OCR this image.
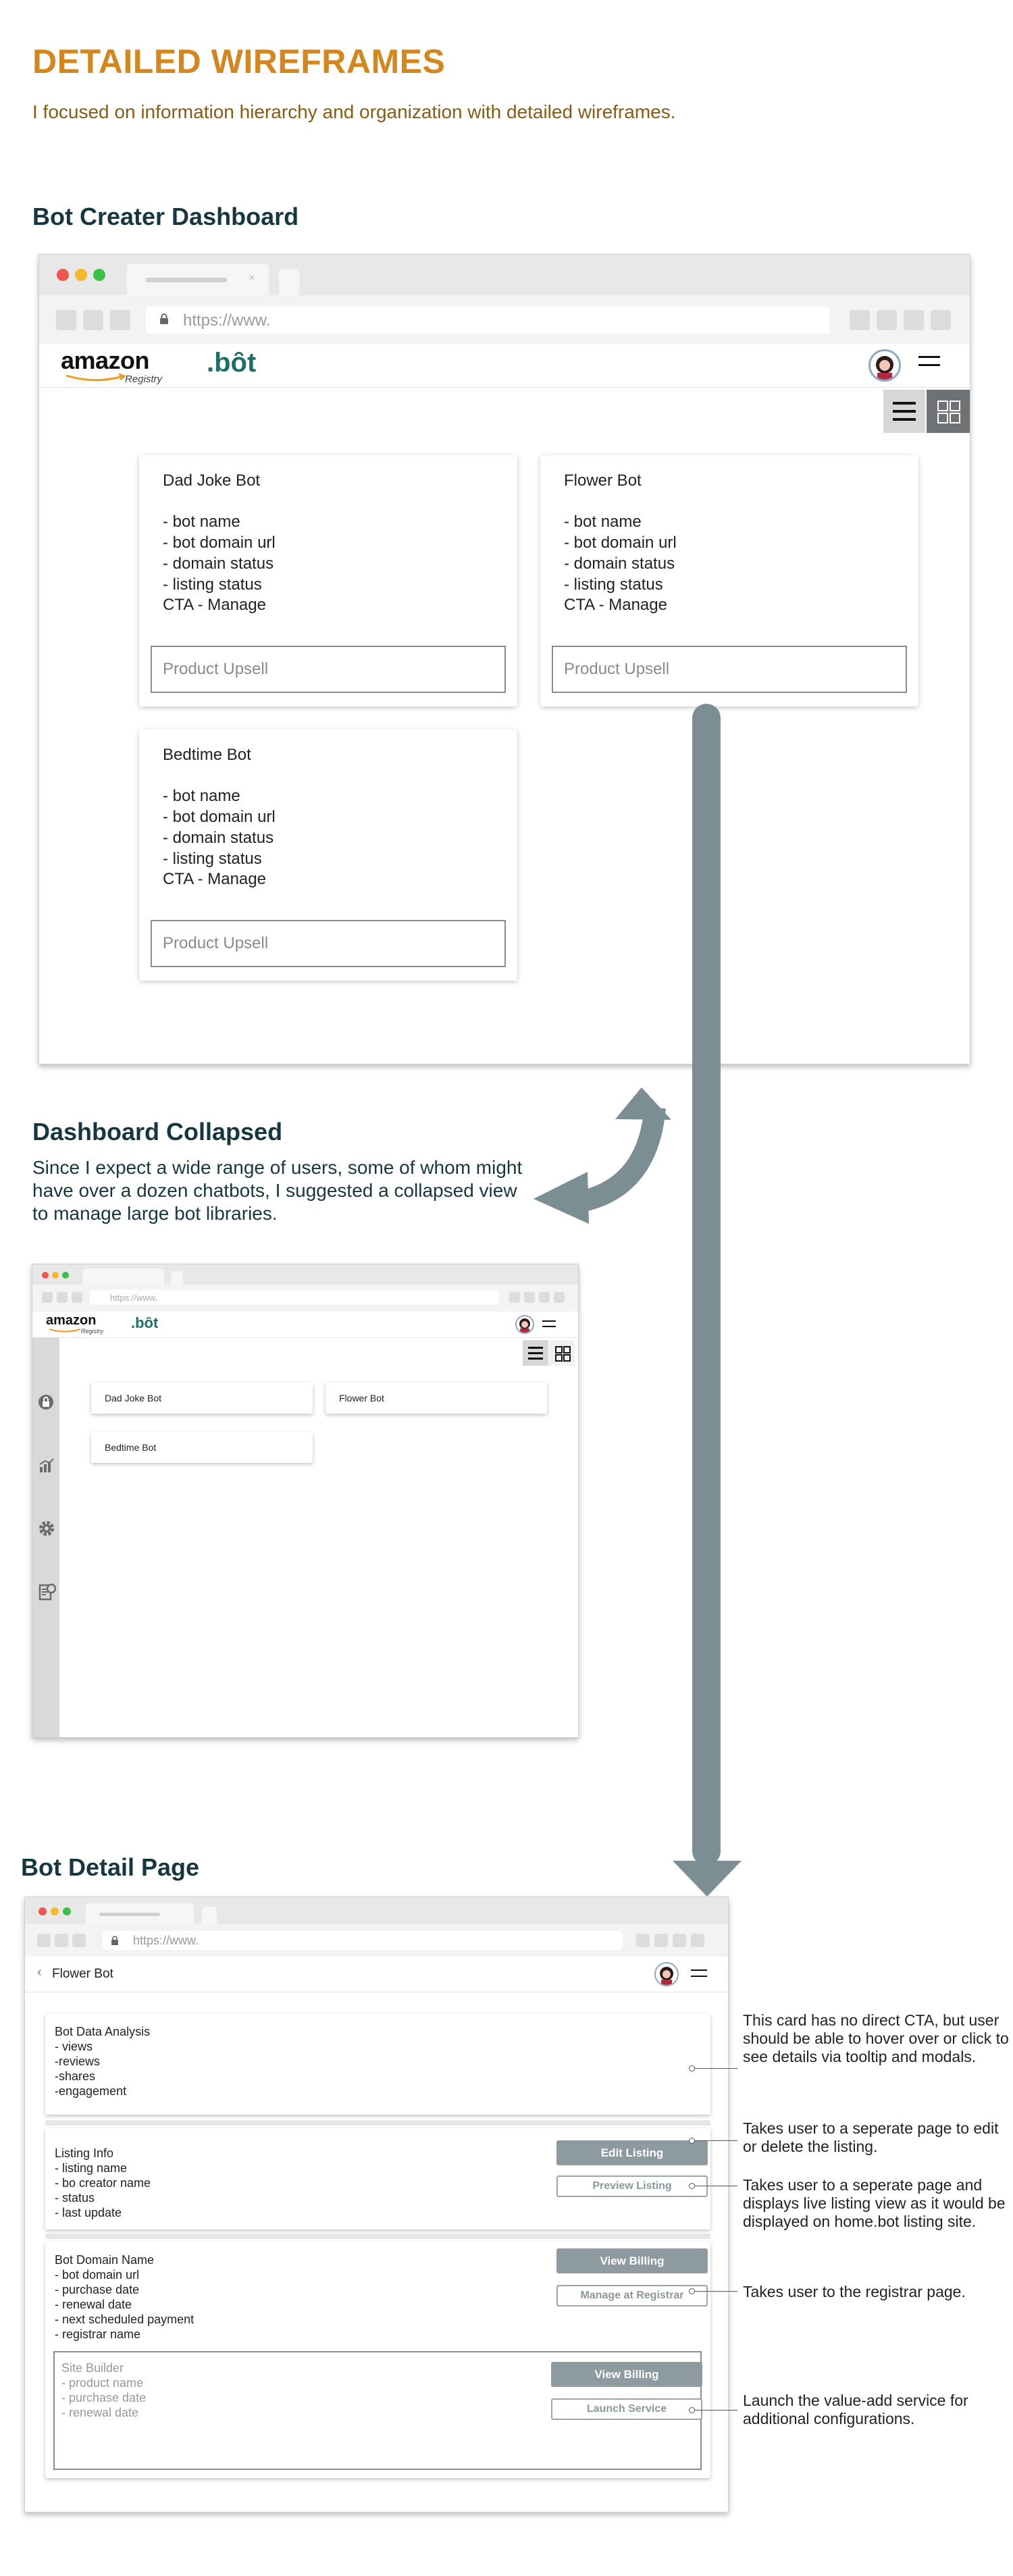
DETAILED WIREFRAMES
I focused on information hierarchy and organization with detailed wireframes.
Bot Creater Dashboard
×
https://www.
amazon
Registry
.bȏt
Dad Joke Bot
- bot name
- bot domain url
- domain status
- listing status
CTA - Manage
Product Upsell
Flower Bot
- bot name
- bot domain url
- domain status
- listing status
CTA - Manage
Product Upsell
Bedtime Bot
- bot name
- bot domain url
- domain status
- listing status
CTA - Manage
Product Upsell
Dashboard Collapsed
Since I expect a wide range of users, some of whom might have over a dozen chatbots, I suggested a collapsed view to manage large bot libraries.
https://www.
amazon
Registry .bȏt
Dad Joke Bot	Flower Bot
Bedtime Bot
Bot Detail Page
https://www.
‹ Flower Bot
Bot Data Analysis
- views
-reviews
-shares
-engagement
Listing Info
- listing name
- bo creator name
- status
- last update
Edit Listing
Preview Listing
Bot Domain Name
- bot domain url
- purchase date
- renewal date
- next scheduled payment
- registrar name
View Billing
Manage at Registrar
Site Builder
- product name
- purchase date
- renewal date
View Billing
Launch Service
This card has no direct CTA, but user should be able to hover over or click to see details via tooltip and modals.
Takes user to a seperate page to edit or delete the listing.
Takes user to a seperate page and displays live listing view as it would be displayed on home.bot listing site.
Takes user to the registrar page.
Launch the value-add service for additional configurations.
